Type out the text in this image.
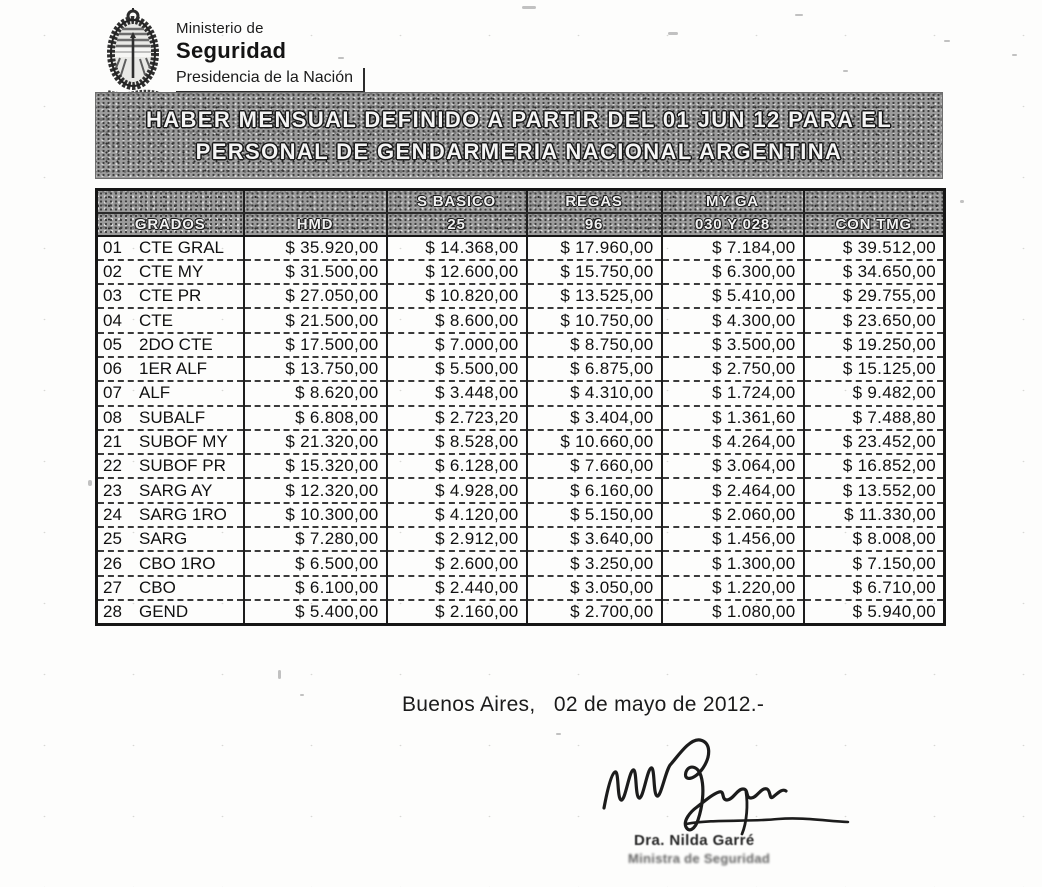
Ministerio de
Seguridad
Presidencia de la Nación
HABER MENSUAL DEFINIDO A PARTIR DEL 01 JUN 12 PARA EL
PERSONAL DE GENDARMERIA NACIONAL ARGENTINA
		S BASICO	REGAS	MY GA	
GRADOS	HMD	25	96	030 Y 028	CON TMG
01 CTE GRAL	$ 35.920,00	$ 14.368,00	$ 17.960,00	$ 7.184,00	$ 39.512,00
02 CTE MY	$ 31.500,00	$ 12.600,00	$ 15.750,00	$ 6.300,00	$ 34.650,00
03 CTE PR	$ 27.050,00	$ 10.820,00	$ 13.525,00	$ 5.410,00	$ 29.755,00
04 CTE	$ 21.500,00	$ 8.600,00	$ 10.750,00	$ 4.300,00	$ 23.650,00
05 2DO CTE	$ 17.500,00	$ 7.000,00	$ 8.750,00	$ 3.500,00	$ 19.250,00
06 1ER ALF	$ 13.750,00	$ 5.500,00	$ 6.875,00	$ 2.750,00	$ 15.125,00
07 ALF	$ 8.620,00	$ 3.448,00	$ 4.310,00	$ 1.724,00	$ 9.482,00
08 SUBALF	$ 6.808,00	$ 2.723,20	$ 3.404,00	$ 1.361,60	$ 7.488,80
21 SUBOF MY	$ 21.320,00	$ 8.528,00	$ 10.660,00	$ 4.264,00	$ 23.452,00
22 SUBOF PR	$ 15.320,00	$ 6.128,00	$ 7.660,00	$ 3.064,00	$ 16.852,00
23 SARG AY	$ 12.320,00	$ 4.928,00	$ 6.160,00	$ 2.464,00	$ 13.552,00
24 SARG 1RO	$ 10.300,00	$ 4.120,00	$ 5.150,00	$ 2.060,00	$ 11.330,00
25 SARG	$ 7.280,00	$ 2.912,00	$ 3.640,00	$ 1.456,00	$ 8.008,00
26 CBO 1RO	$ 6.500,00	$ 2.600,00	$ 3.250,00	$ 1.300,00	$ 7.150,00
27 CBO	$ 6.100,00	$ 2.440,00	$ 3.050,00	$ 1.220,00	$ 6.710,00
28 GEND	$ 5.400,00	$ 2.160,00	$ 2.700,00	$ 1.080,00	$ 5.940,00
Buenos Aires,   02 de mayo de 2012.-
Dra. Nilda Garré
Ministra de Seguridad
